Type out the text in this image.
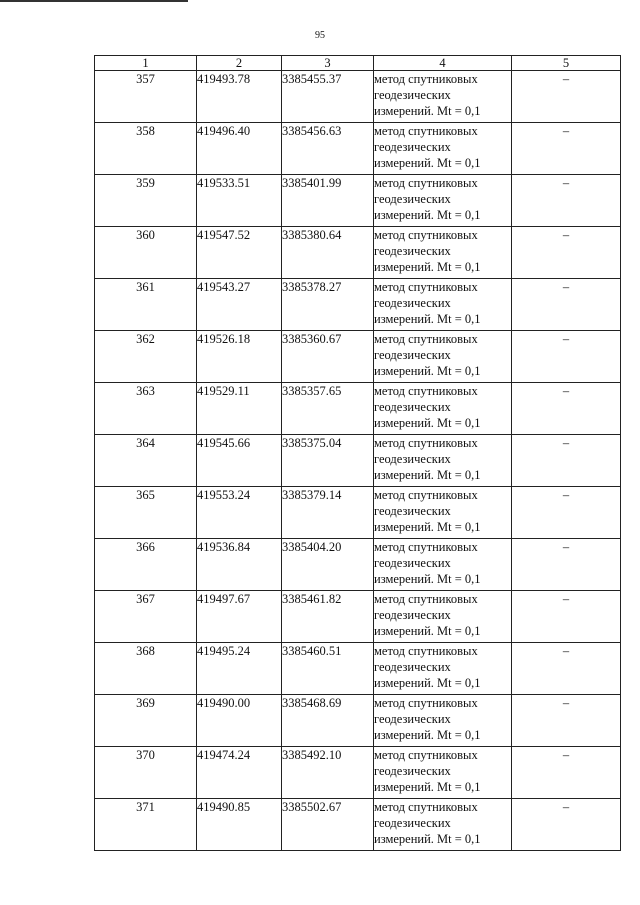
95
1	2	3	4	5
357	419493.78	3385455.37	метод спутниковых
геодезических
измерений. Mt = 0,1	–
358	419496.40	3385456.63	метод спутниковых
геодезических
измерений. Mt = 0,1	–
359	419533.51	3385401.99	метод спутниковых
геодезических
измерений. Mt = 0,1	–
360	419547.52	3385380.64	метод спутниковых
геодезических
измерений. Mt = 0,1	–
361	419543.27	3385378.27	метод спутниковых
геодезических
измерений. Mt = 0,1	–
362	419526.18	3385360.67	метод спутниковых
геодезических
измерений. Mt = 0,1	–
363	419529.11	3385357.65	метод спутниковых
геодезических
измерений. Mt = 0,1	–
364	419545.66	3385375.04	метод спутниковых
геодезических
измерений. Mt = 0,1	–
365	419553.24	3385379.14	метод спутниковых
геодезических
измерений. Mt = 0,1	–
366	419536.84	3385404.20	метод спутниковых
геодезических
измерений. Mt = 0,1	–
367	419497.67	3385461.82	метод спутниковых
геодезических
измерений. Mt = 0,1	–
368	419495.24	3385460.51	метод спутниковых
геодезических
измерений. Mt = 0,1	–
369	419490.00	3385468.69	метод спутниковых
геодезических
измерений. Mt = 0,1	–
370	419474.24	3385492.10	метод спутниковых
геодезических
измерений. Mt = 0,1	–
371	419490.85	3385502.67	метод спутниковых
геодезических
измерений. Mt = 0,1	–
